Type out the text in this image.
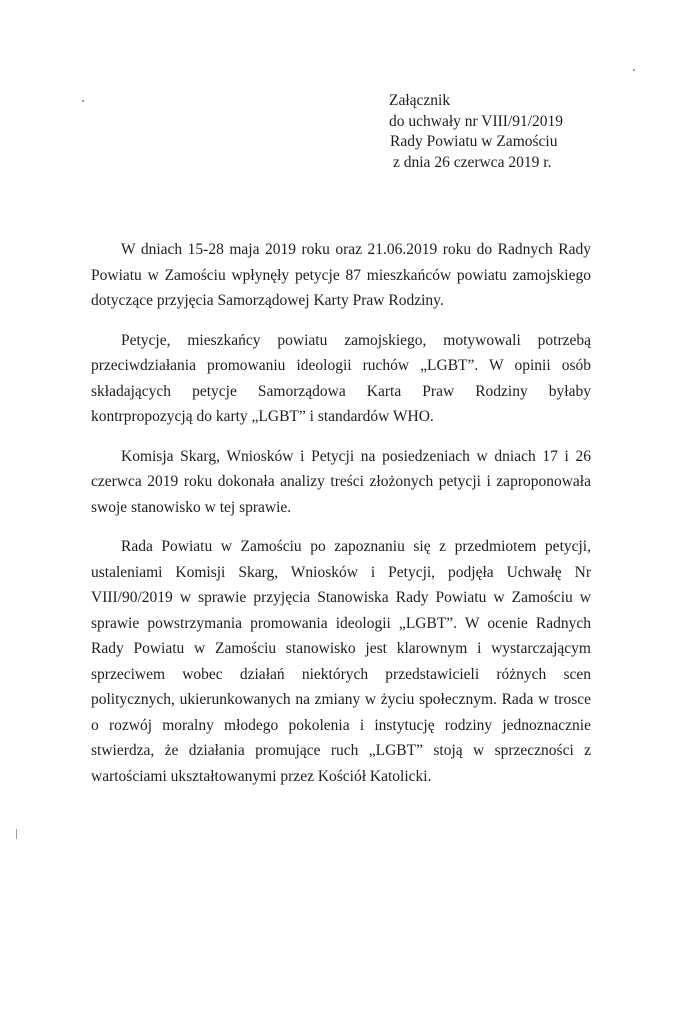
Załącznik
do uchwały nr VIII/91/2019
Rady Powiatu w Zamościu
z dnia 26 czerwca 2019 r.

W dniach 15-28 maja 2019 roku oraz 21.06.2019 roku do Radnych Rady Powiatu w Zamościu wpłynęły petycje 87 mieszkańców powiatu zamojskiego dotyczące przyjęcia Samorządowej Karty Praw Rodziny.

Petycje, mieszkańcy powiatu zamojskiego, motywowali potrzebą przeciwdziałania promowaniu ideologii ruchów „LGBT”. W opinii osób składających petycje Samorządowa Karta Praw Rodziny byłaby kontrpropozycją do karty „LGBT” i standardów WHO.

Komisja Skarg, Wniosków i Petycji na posiedzeniach w dniach 17 i 26 czerwca 2019 roku dokonała analizy treści złożonych petycji i zaproponowała swoje stanowisko w tej sprawie.

Rada Powiatu w Zamościu po zapoznaniu się z przedmiotem petycji, ustaleniami Komisji Skarg, Wniosków i Petycji, podjęła Uchwałę Nr VIII/90/2019 w sprawie przyjęcia Stanowiska Rady Powiatu w Zamościu w sprawie powstrzymania promowania ideologii „LGBT”. W ocenie Radnych Rady Powiatu w Zamościu stanowisko jest klarownym i wystarczającym sprzeciwem wobec działań niektórych przedstawicieli różnych scen politycznych, ukierunkowanych na zmiany w życiu społecznym. Rada w trosce o rozwój moralny młodego pokolenia i instytucję rodziny jednoznacznie stwierdza, że działania promujące ruch „LGBT” stoją w sprzeczności z wartościami ukształtowanymi przez Kościół Katolicki.
